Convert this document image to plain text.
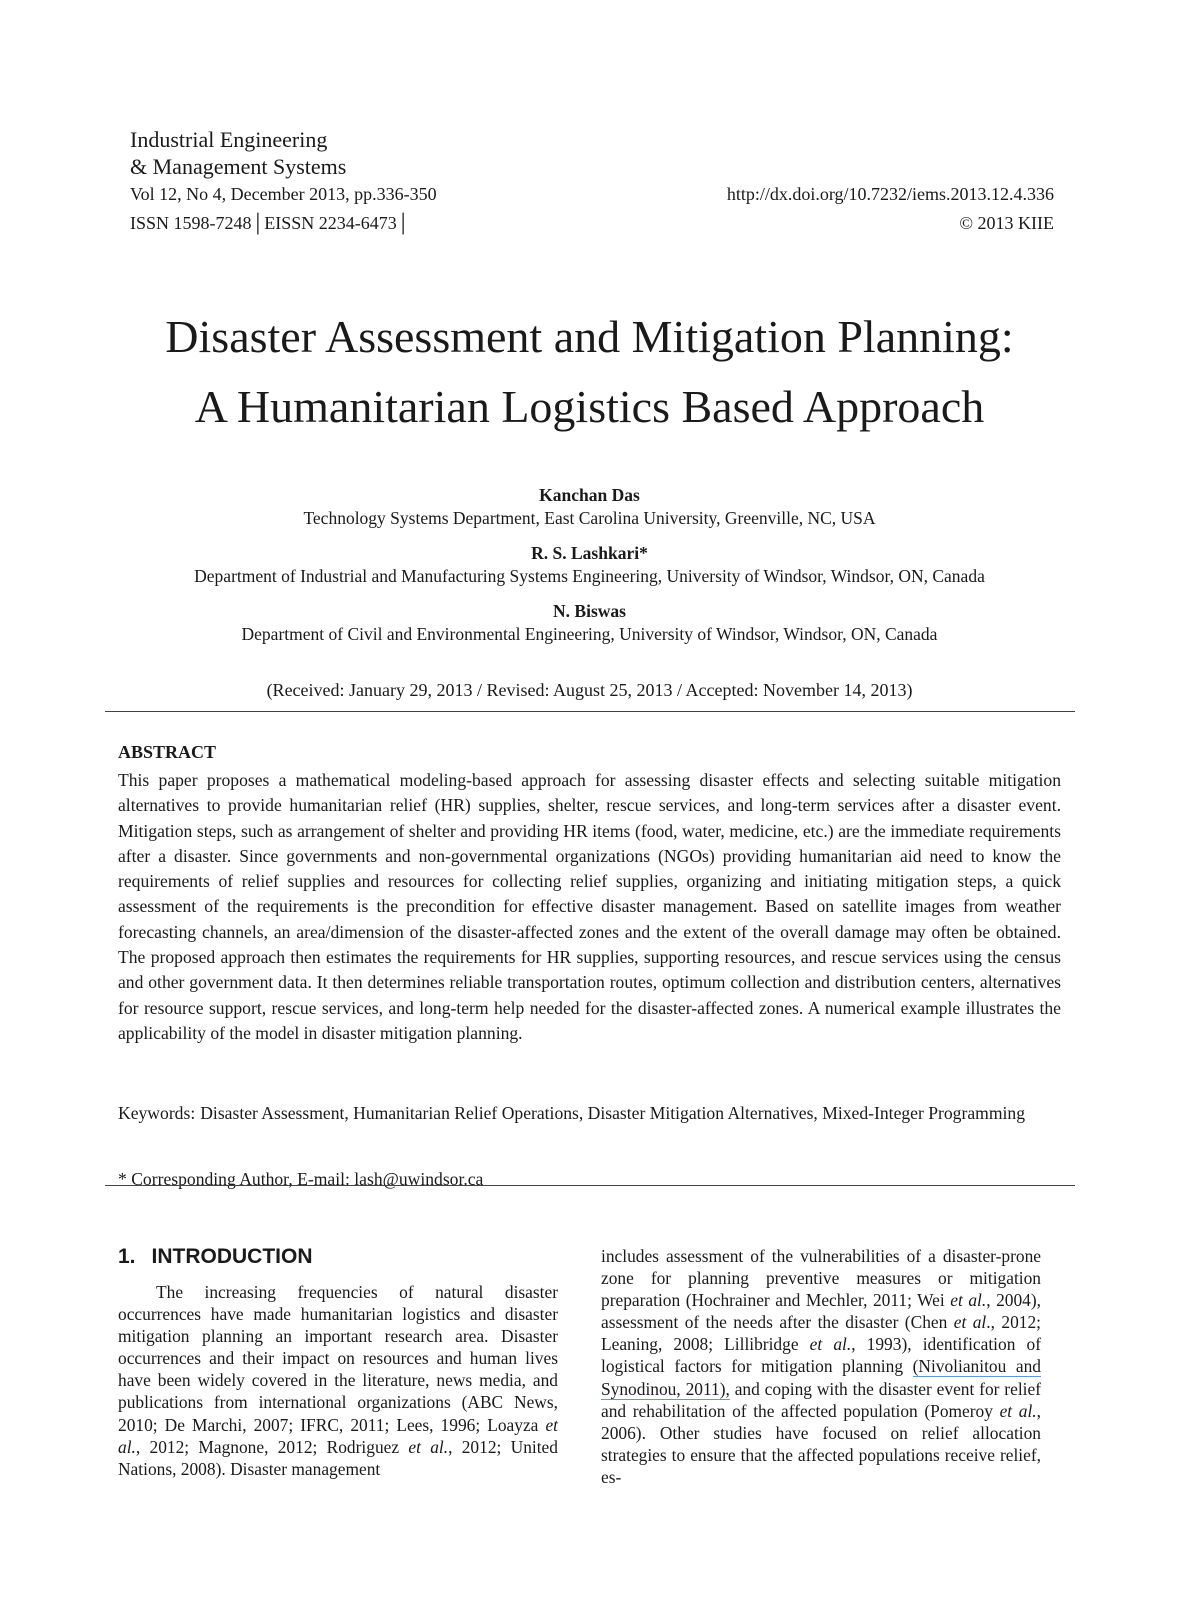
Industrial Engineering
& Management Systems
Vol 12, No 4, December 2013, pp.336-350	http://dx.doi.org/10.7232/iems.2013.12.4.336
ISSN 1598-7248│EISSN 2234-6473│	© 2013 KIIE
Disaster Assessment and Mitigation Planning:
A Humanitarian Logistics Based Approach
Kanchan Das
Technology Systems Department, East Carolina University, Greenville, NC, USA
R. S. Lashkari*
Department of Industrial and Manufacturing Systems Engineering, University of Windsor, Windsor, ON, Canada
N. Biswas
Department of Civil and Environmental Engineering, University of Windsor, Windsor, ON, Canada
(Received: January 29, 2013 / Revised: August 25, 2013 / Accepted: November 14, 2013)
ABSTRACT

This paper proposes a mathematical modeling-based approach for assessing disaster effects and selecting suitable mitigation alternatives to provide humanitarian relief (HR) supplies, shelter, rescue services, and long-term services after a disaster event. Mitigation steps, such as arrangement of shelter and providing HR items (food, water, medicine, etc.) are the immediate requirements after a disaster. Since governments and non-governmental organizations (NGOs) providing humanitarian aid need to know the requirements of relief supplies and resources for collecting relief supplies, organizing and initiating mitigation steps, a quick assessment of the requirements is the precondition for effective disaster management. Based on satellite images from weather forecasting channels, an area/dimension of the disaster-affected zones and the extent of the overall damage may often be obtained. The proposed approach then estimates the requirements for HR supplies, supporting resources, and rescue services using the census and other government data. It then determines reliable transportation routes, optimum collection and distribution centers, alternatives for resource support, rescue services, and long-term help needed for the disaster-affected zones. A numerical example illustrates the applicability of the model in disaster mitigation planning.

Keywords: Disaster Assessment, Humanitarian Relief Operations, Disaster Mitigation Alternatives, Mixed-Integer Programming
* Corresponding Author, E-mail: lash@uwindsor.ca
1. INTRODUCTION

The increasing frequencies of natural disaster occurrences have made humanitarian logistics and disaster mitigation planning an important research area. Disaster occurrences and their impact on resources and human lives have been widely covered in the literature, news media, and publications from international organizations (ABC News, 2010; De Marchi, 2007; IFRC, 2011; Lees, 1996; Loayza et al., 2012; Magnone, 2012; Rodriguez et al., 2012; United Nations, 2008). Disaster management

includes assessment of the vulnerabilities of a disaster-prone zone for planning preventive measures or mitigation preparation (Hochrainer and Mechler, 2011; Wei et al., 2004), assessment of the needs after the disaster (Chen et al., 2012; Leaning, 2008; Lillibridge et al., 1993), identification of logistical factors for mitigation planning (Nivolianitou and Synodinou, 2011), and coping with the disaster event for relief and rehabilitation of the affected population (Pomeroy et al., 2006). Other studies have focused on relief allocation strategies to ensure that the affected populations receive relief, es-
